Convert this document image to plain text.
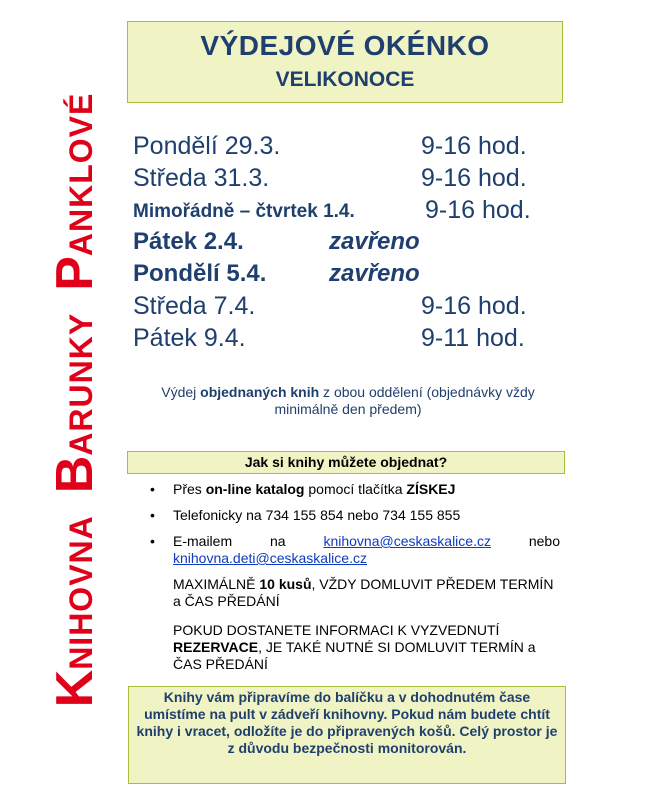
KNIHOVNABARUNKYPANKLOVÉ
VÝDEJOVÉ OKÉNKO
VELIKONOCE
Pondělí 29.3.	9-16 hod.
Středa 31.3.	9-16 hod.
Mimořádně – čtvrtek 1.4.	9-16 hod.
Pátek 2.4.	zavřeno
Pondělí 5.4.	zavřeno
Středa 7.4.	9-16 hod.
Pátek 9.4.	9-11 hod.
Výdej objednaných knih z obou oddělení (objednávky vždy minimálně den předem)
Jak si knihy můžete objednat?
• Přes on-line katalog pomocí tlačítka ZÍSKEJ
• Telefonicky na 734 155 854 nebo 734 155 855
• E-mailem	na	knihovna@ceskaskalice.cz	nebo
knihovna.deti@ceskaskalice.cz
MAXIMÁLNĚ 10 kusů, VŽDY DOMLUVIT PŘEDEM TERMÍN a ČAS PŘEDÁNÍ
POKUD DOSTANETE INFORMACI K VYZVEDNUTÍ REZERVACE, JE TAKÉ NUTNÉ SI DOMLUVIT TERMÍN a ČAS PŘEDÁNÍ
Knihy vám připravíme do balíčku a v dohodnutém čase umístíme na pult v zádveří knihovny. Pokud nám budete chtít knihy i vracet, odložíte je do připravených košů. Celý prostor je z důvodu bezpečnosti monitorován.
